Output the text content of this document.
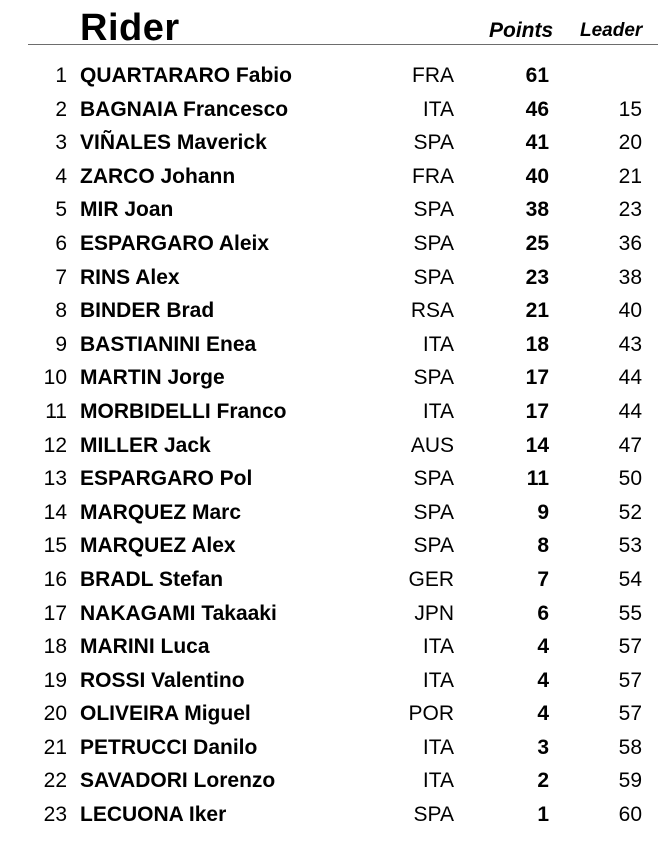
Rider	Points Leader
1 QUARTARARO Fabio	FRA	61
2 BAGNAIA Francesco	ITA	46	15
3 VIÑALES Maverick	SPA	41	20
4 ZARCO Johann	FRA	40	21
5 MIR Joan	SPA	38	23
6 ESPARGARO Aleix	SPA	25	36
7 RINS Alex	SPA	23	38
8 BINDER Brad	RSA	21	40
9 BASTIANINI Enea	ITA	18	43
10 MARTIN Jorge	SPA	17	44
11 MORBIDELLI Franco	ITA	17	44
12 MILLER Jack	AUS	14	47
13 ESPARGARO Pol	SPA	11	50
14 MARQUEZ Marc	SPA	9	52
15 MARQUEZ Alex	SPA	8	53
16 BRADL Stefan	GER	7	54
17 NAKAGAMI Takaaki	JPN	6	55
18 MARINI Luca	ITA	4	57
19 ROSSI Valentino	ITA	4	57
20 OLIVEIRA Miguel	POR	4	57
21 PETRUCCI Danilo	ITA	3	58
22 SAVADORI Lorenzo	ITA	2	59
23 LECUONA Iker	SPA	1	60
